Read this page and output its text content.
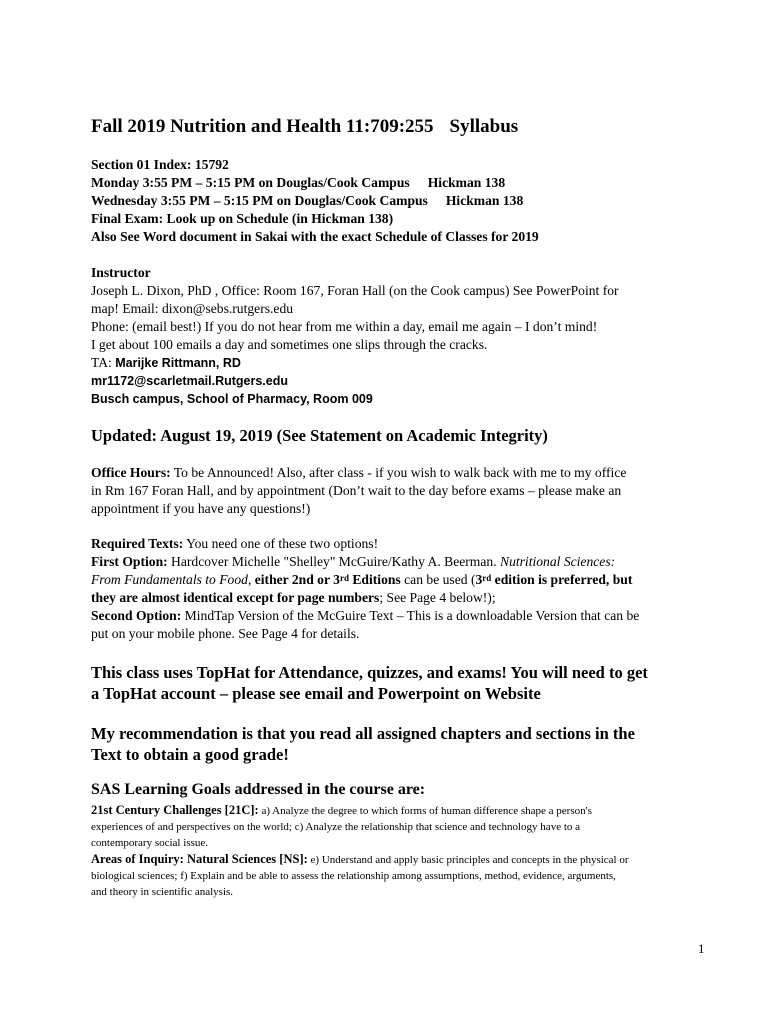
Fall 2019 Nutrition and Health 11:709:255 Syllabus
Section 01 Index: 15792
Monday 3:55 PM – 5:15 PM on Douglas/Cook Campus Hickman 138
Wednesday 3:55 PM – 5:15 PM on Douglas/Cook Campus Hickman 138
Final Exam: Look up on Schedule (in Hickman 138)
Also See Word document in Sakai with the exact Schedule of Classes for 2019
Instructor
Joseph L. Dixon, PhD , Office: Room 167, Foran Hall (on the Cook campus) See PowerPoint for
map! Email: dixon@sebs.rutgers.edu
Phone: (email best!) If you do not hear from me within a day, email me again – I don’t mind!
I get about 100 emails a day and sometimes one slips through the cracks.
TA: Marijke Rittmann, RD
mr1172@scarletmail.Rutgers.edu
Busch campus, School of Pharmacy, Room 009
Updated: August 19, 2019 (See Statement on Academic Integrity)
Office Hours: To be Announced! Also, after class - if you wish to walk back with me to my office
in Rm 167 Foran Hall, and by appointment (Don’t wait to the day before exams – please make an
appointment if you have any questions!)
Required Texts: You need one of these two options!
First Option: Hardcover Michelle "Shelley" McGuire/Kathy A. Beerman. Nutritional Sciences:
From Fundamentals to Food, either 2nd or 3rd Editions can be used (3rd edition is preferred, but
they are almost identical except for page numbers; See Page 4 below!);
Second Option: MindTap Version of the McGuire Text – This is a downloadable Version that can be
put on your mobile phone. See Page 4 for details.
This class uses TopHat for Attendance, quizzes, and exams! You will need to get
a TopHat account – please see email and Powerpoint on Website
My recommendation is that you read all assigned chapters and sections in the
Text to obtain a good grade!
SAS Learning Goals addressed in the course are:
21st Century Challenges [21C]: a) Analyze the degree to which forms of human difference shape a person's
experiences of and perspectives on the world; c) Analyze the relationship that science and technology have to a
contemporary social issue.
Areas of Inquiry: Natural Sciences [NS]: e) Understand and apply basic principles and concepts in the physical or
biological sciences; f) Explain and be able to assess the relationship among assumptions, method, evidence, arguments,
and theory in scientific analysis.
1
